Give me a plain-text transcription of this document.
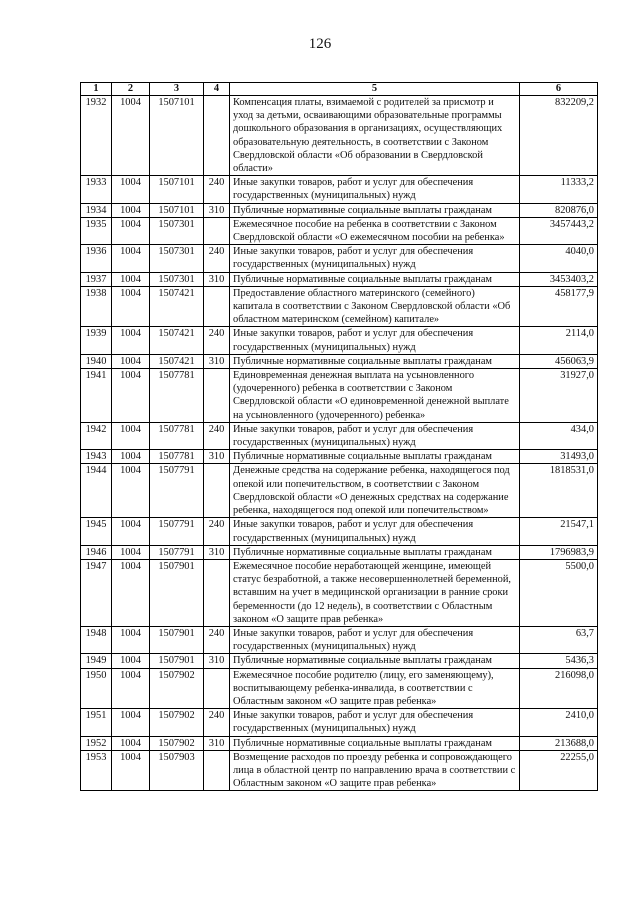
126
1	2	3	4	5	6
1932	1004	1507101		Компенсация платы, взимаемой с родителей за присмотр и уход за детьми, осваивающими образовательные программы дошкольного образования в организациях, осуществляющих образовательную деятельность, в соответствии с Законом Свердловской области «Об образовании в Свердловской области»	832209,2
1933	1004	1507101	240	Иные закупки товаров, работ и услуг для обеспечения государственных (муниципальных) нужд	11333,2
1934	1004	1507101	310	Публичные нормативные социальные выплаты гражданам	820876,0
1935	1004	1507301		Ежемесячное пособие на ребенка в соответствии с Законом Свердловской области «О ежемесячном пособии на ребенка»	3457443,2
1936	1004	1507301	240	Иные закупки товаров, работ и услуг для обеспечения государственных (муниципальных) нужд	4040,0
1937	1004	1507301	310	Публичные нормативные социальные выплаты гражданам	3453403,2
1938	1004	1507421		Предоставление областного материнского (семейного) капитала в соответствии с Законом Свердловской области «Об областном материнском (семейном) капитале»	458177,9
1939	1004	1507421	240	Иные закупки товаров, работ и услуг для обеспечения государственных (муниципальных) нужд	2114,0
1940	1004	1507421	310	Публичные нормативные социальные выплаты гражданам	456063,9
1941	1004	1507781		Единовременная денежная выплата на усыновленного (удочеренного) ребенка в соответствии с Законом Свердловской области «О единовременной денежной выплате на усыновленного (удочеренного) ребенка»	31927,0
1942	1004	1507781	240	Иные закупки товаров, работ и услуг для обеспечения государственных (муниципальных) нужд	434,0
1943	1004	1507781	310	Публичные нормативные социальные выплаты гражданам	31493,0
1944	1004	1507791		Денежные средства на содержание ребенка, находящегося под опекой или попечительством, в соответствии с Законом Свердловской области «О денежных средствах на содержание ребенка, находящегося под опекой или попечительством»	1818531,0
1945	1004	1507791	240	Иные закупки товаров, работ и услуг для обеспечения государственных (муниципальных) нужд	21547,1
1946	1004	1507791	310	Публичные нормативные социальные выплаты гражданам	1796983,9
1947	1004	1507901		Ежемесячное пособие неработающей женщине, имеющей статус безработной, а также несовершеннолетней беременной, вставшим на учет в медицинской организации в ранние сроки беременности (до 12 недель), в соответствии с Областным законом «О защите прав ребенка»	5500,0
1948	1004	1507901	240	Иные закупки товаров, работ и услуг для обеспечения государственных (муниципальных) нужд	63,7
1949	1004	1507901	310	Публичные нормативные социальные выплаты гражданам	5436,3
1950	1004	1507902		Ежемесячное пособие родителю (лицу, его заменяющему), воспитывающему ребенка-инвалида, в соответствии с Областным законом «О защите прав ребенка»	216098,0
1951	1004	1507902	240	Иные закупки товаров, работ и услуг для обеспечения государственных (муниципальных) нужд	2410,0
1952	1004	1507902	310	Публичные нормативные социальные выплаты гражданам	213688,0
1953	1004	1507903		Возмещение расходов по проезду ребенка и сопровождающего лица в областной центр по направлению врача в соответствии с Областным законом «О защите прав ребенка»	22255,0
